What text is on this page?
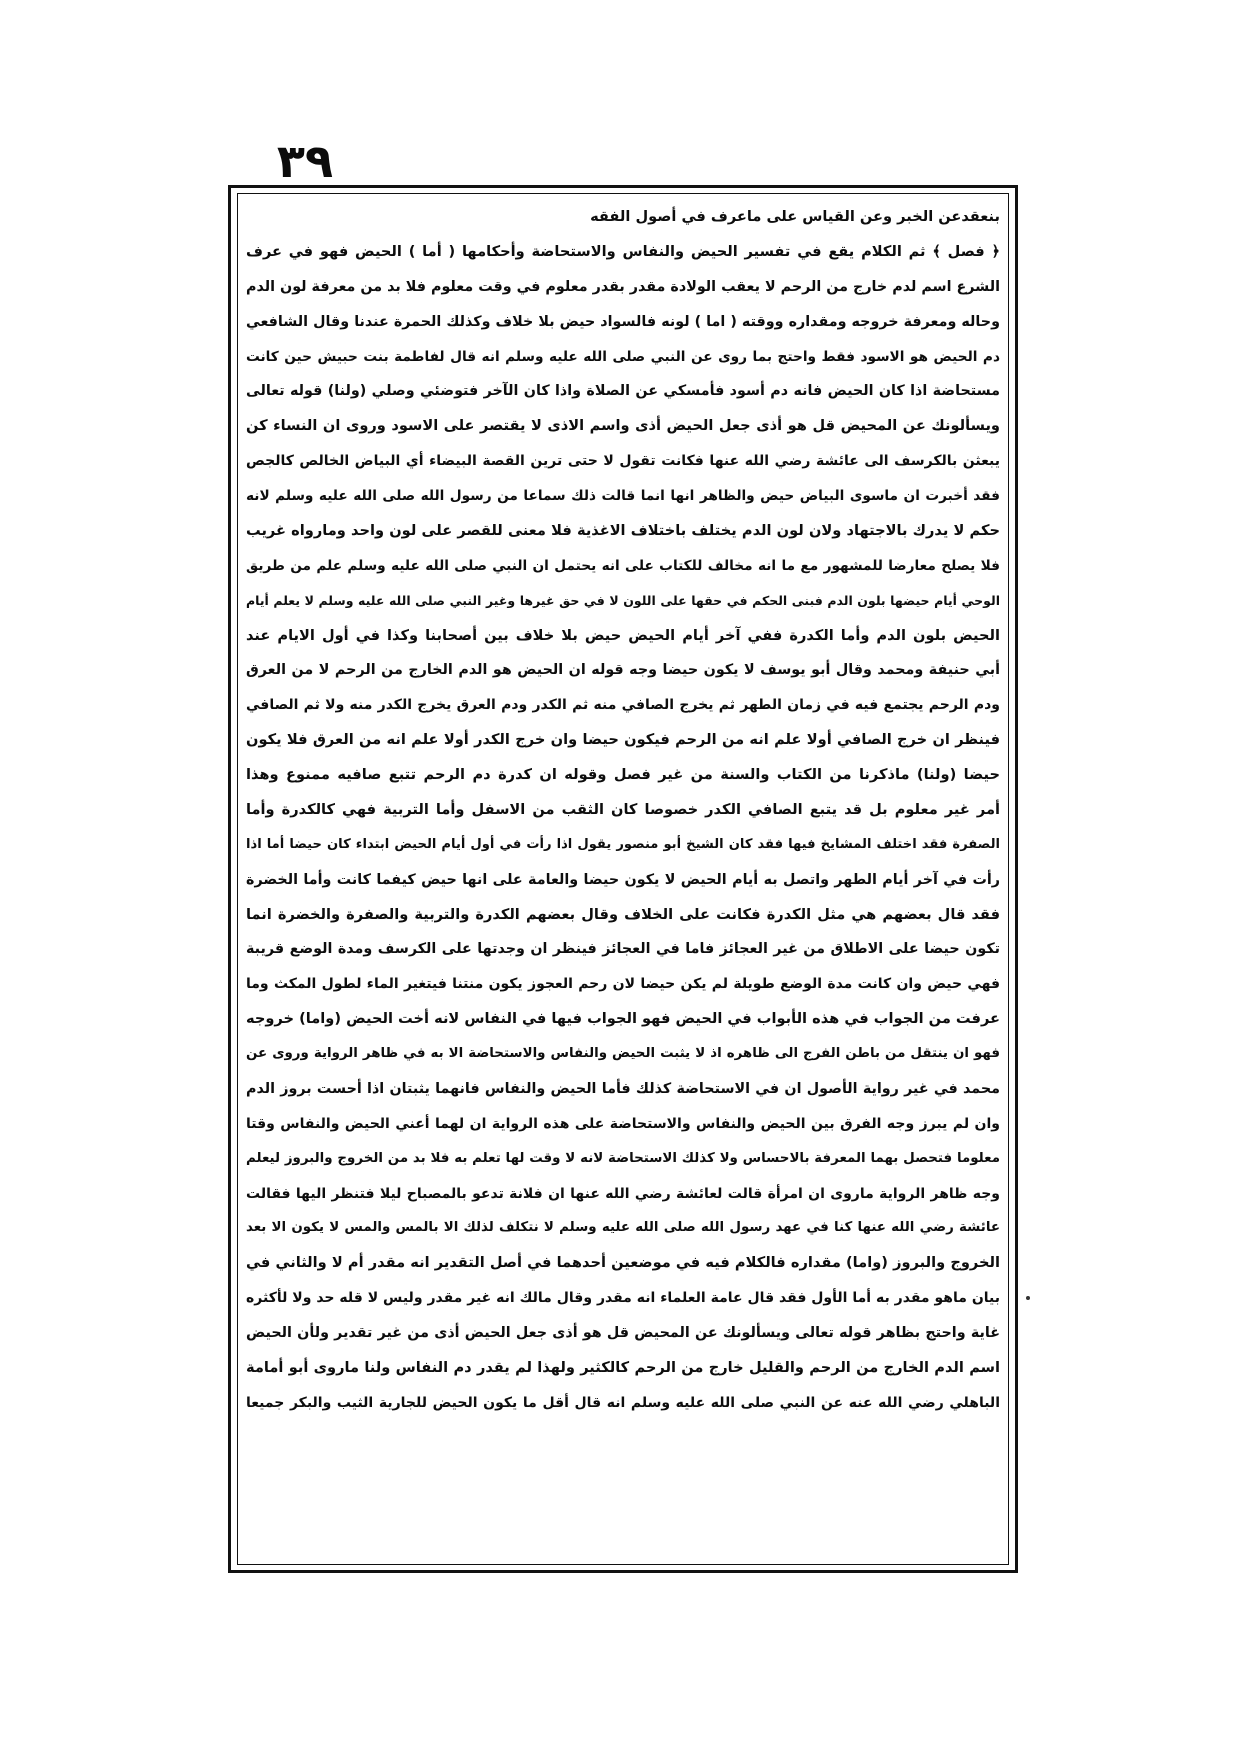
٣٩
بنعقدعن الخبر وعن القياس على ماعرف في أصول الفقه
﴿ فصل ﴾ ثم الكلام يقع في تفسير الحيض والنفاس والاستحاضة وأحكامها ( أما ) الحيض فهو في عرف
الشرع اسم لدم خارج من الرحم لا يعقب الولادة مقدر بقدر معلوم في وقت معلوم فلا بد من معرفة لون الدم
وحاله ومعرفة خروجه ومقداره ووقته ( اما ) لونه فالسواد حيض بلا خلاف وكذلك الحمرة عندنا وقال الشافعي
دم الحيض هو الاسود فقط واحتج بما روى عن النبي صلى الله عليه وسلم انه قال لفاطمة بنت حبيش حين كانت
مستحاضة اذا كان الحيض فانه دم أسود فأمسكي عن الصلاة واذا كان الآخر فتوضئي وصلي (ولنا) قوله تعالى
ويسألونك عن المحيض قل هو أذى جعل الحيض أذى واسم الاذى لا يقتصر على الاسود وروى ان النساء كن
يبعثن بالكرسف الى عائشة رضي الله عنها فكانت تقول لا حتى ترين القصة البيضاء أي البياض الخالص كالجص
فقد أخبرت ان ماسوى البياض حيض والظاهر انها انما قالت ذلك سماعا من رسول الله صلى الله عليه وسلم لانه
حكم لا يدرك بالاجتهاد ولان لون الدم يختلف باختلاف الاغذية فلا معنى للقصر على لون واحد ومارواه غريب
فلا يصلح معارضا للمشهور مع ما انه مخالف للكتاب على انه يحتمل ان النبي صلى الله عليه وسلم علم من طريق
الوحي أيام حيضها بلون الدم فبنى الحكم في حقها على اللون لا في حق غيرها وغير النبي صلى الله عليه وسلم لا يعلم أيام
الحيض بلون الدم وأما الكدرة ففي آخر أيام الحيض حيض بلا خلاف بين أصحابنا وكذا في أول الايام عند
أبي حنيفة ومحمد وقال أبو يوسف لا يكون حيضا وجه قوله ان الحيض هو الدم الخارج من الرحم لا من العرق
ودم الرحم يجتمع فيه في زمان الطهر ثم يخرج الصافي منه ثم الكدر ودم العرق يخرج الكدر منه ولا ثم الصافي
فينظر ان خرج الصافي أولا علم انه من الرحم فيكون حيضا وان خرج الكدر أولا علم انه من العرق فلا يكون
حيضا (ولنا) ماذكرنا من الكتاب والسنة من غير فصل وقوله ان كدرة دم الرحم تتبع صافيه ممنوع وهذا
أمر غير معلوم بل قد يتبع الصافي الكدر خصوصا كان الثقب من الاسفل وأما التربية فهي كالكدرة وأما
الصفرة فقد اختلف المشايخ فيها فقد كان الشيخ أبو منصور يقول اذا رأت في أول أيام الحيض ابتداء كان حيضا أما اذا
رأت في آخر أيام الطهر واتصل به أيام الحيض لا يكون حيضا والعامة على انها حيض كيفما كانت وأما الخضرة
فقد قال بعضهم هي مثل الكدرة فكانت على الخلاف وقال بعضهم الكدرة والتربية والصفرة والخضرة انما
تكون حيضا على الاطلاق من غير العجائز فاما في العجائز فينظر ان وجدتها على الكرسف ومدة الوضع قريبة
فهي حيض وان كانت مدة الوضع طويلة لم يكن حيضا لان رحم العجوز يكون منتنا فيتغير الماء لطول المكث وما
عرفت من الجواب في هذه الأبواب في الحيض فهو الجواب فيها في النفاس لانه أخت الحيض (واما) خروجه
فهو ان ينتقل من باطن الفرج الى ظاهره اذ لا يثبت الحيض والنفاس والاستحاضة الا به في ظاهر الرواية وروى عن
محمد في غير رواية الأصول ان في الاستحاضة كذلك فأما الحيض والنفاس فانهما يثبتان اذا أحست بروز الدم
وان لم يبرز وجه الفرق بين الحيض والنفاس والاستحاضة على هذه الرواية ان لهما أعني الحيض والنفاس وقتا
معلوما فتحصل بهما المعرفة بالاحساس ولا كذلك الاستحاضة لانه لا وقت لها تعلم به فلا بد من الخروج والبروز ليعلم
وجه ظاهر الرواية ماروى ان امرأة قالت لعائشة رضي الله عنها ان فلانة تدعو بالمصباح ليلا فتنظر اليها فقالت
عائشة رضي الله عنها كنا في عهد رسول الله صلى الله عليه وسلم لا نتكلف لذلك الا بالمس والمس لا يكون الا بعد
الخروج والبروز (واما) مقداره فالكلام فيه في موضعين أحدهما في أصل التقدير انه مقدر أم لا والثاني في
بيان ماهو مقدر به أما الأول فقد قال عامة العلماء انه مقدر وقال مالك انه غير مقدر وليس لا قله حد ولا لأكثره
غاية واحتج بظاهر قوله تعالى ويسألونك عن المحيض قل هو أذى جعل الحيض أذى من غير تقدير ولأن الحيض
اسم الدم الخارج من الرحم والقليل خارج من الرحم كالكثير ولهذا لم يقدر دم النفاس ولنا ماروى أبو أمامة
الباهلي رضي الله عنه عن النبي صلى الله عليه وسلم انه قال أقل ما يكون الحيض للجارية الثيب والبكر جميعا
